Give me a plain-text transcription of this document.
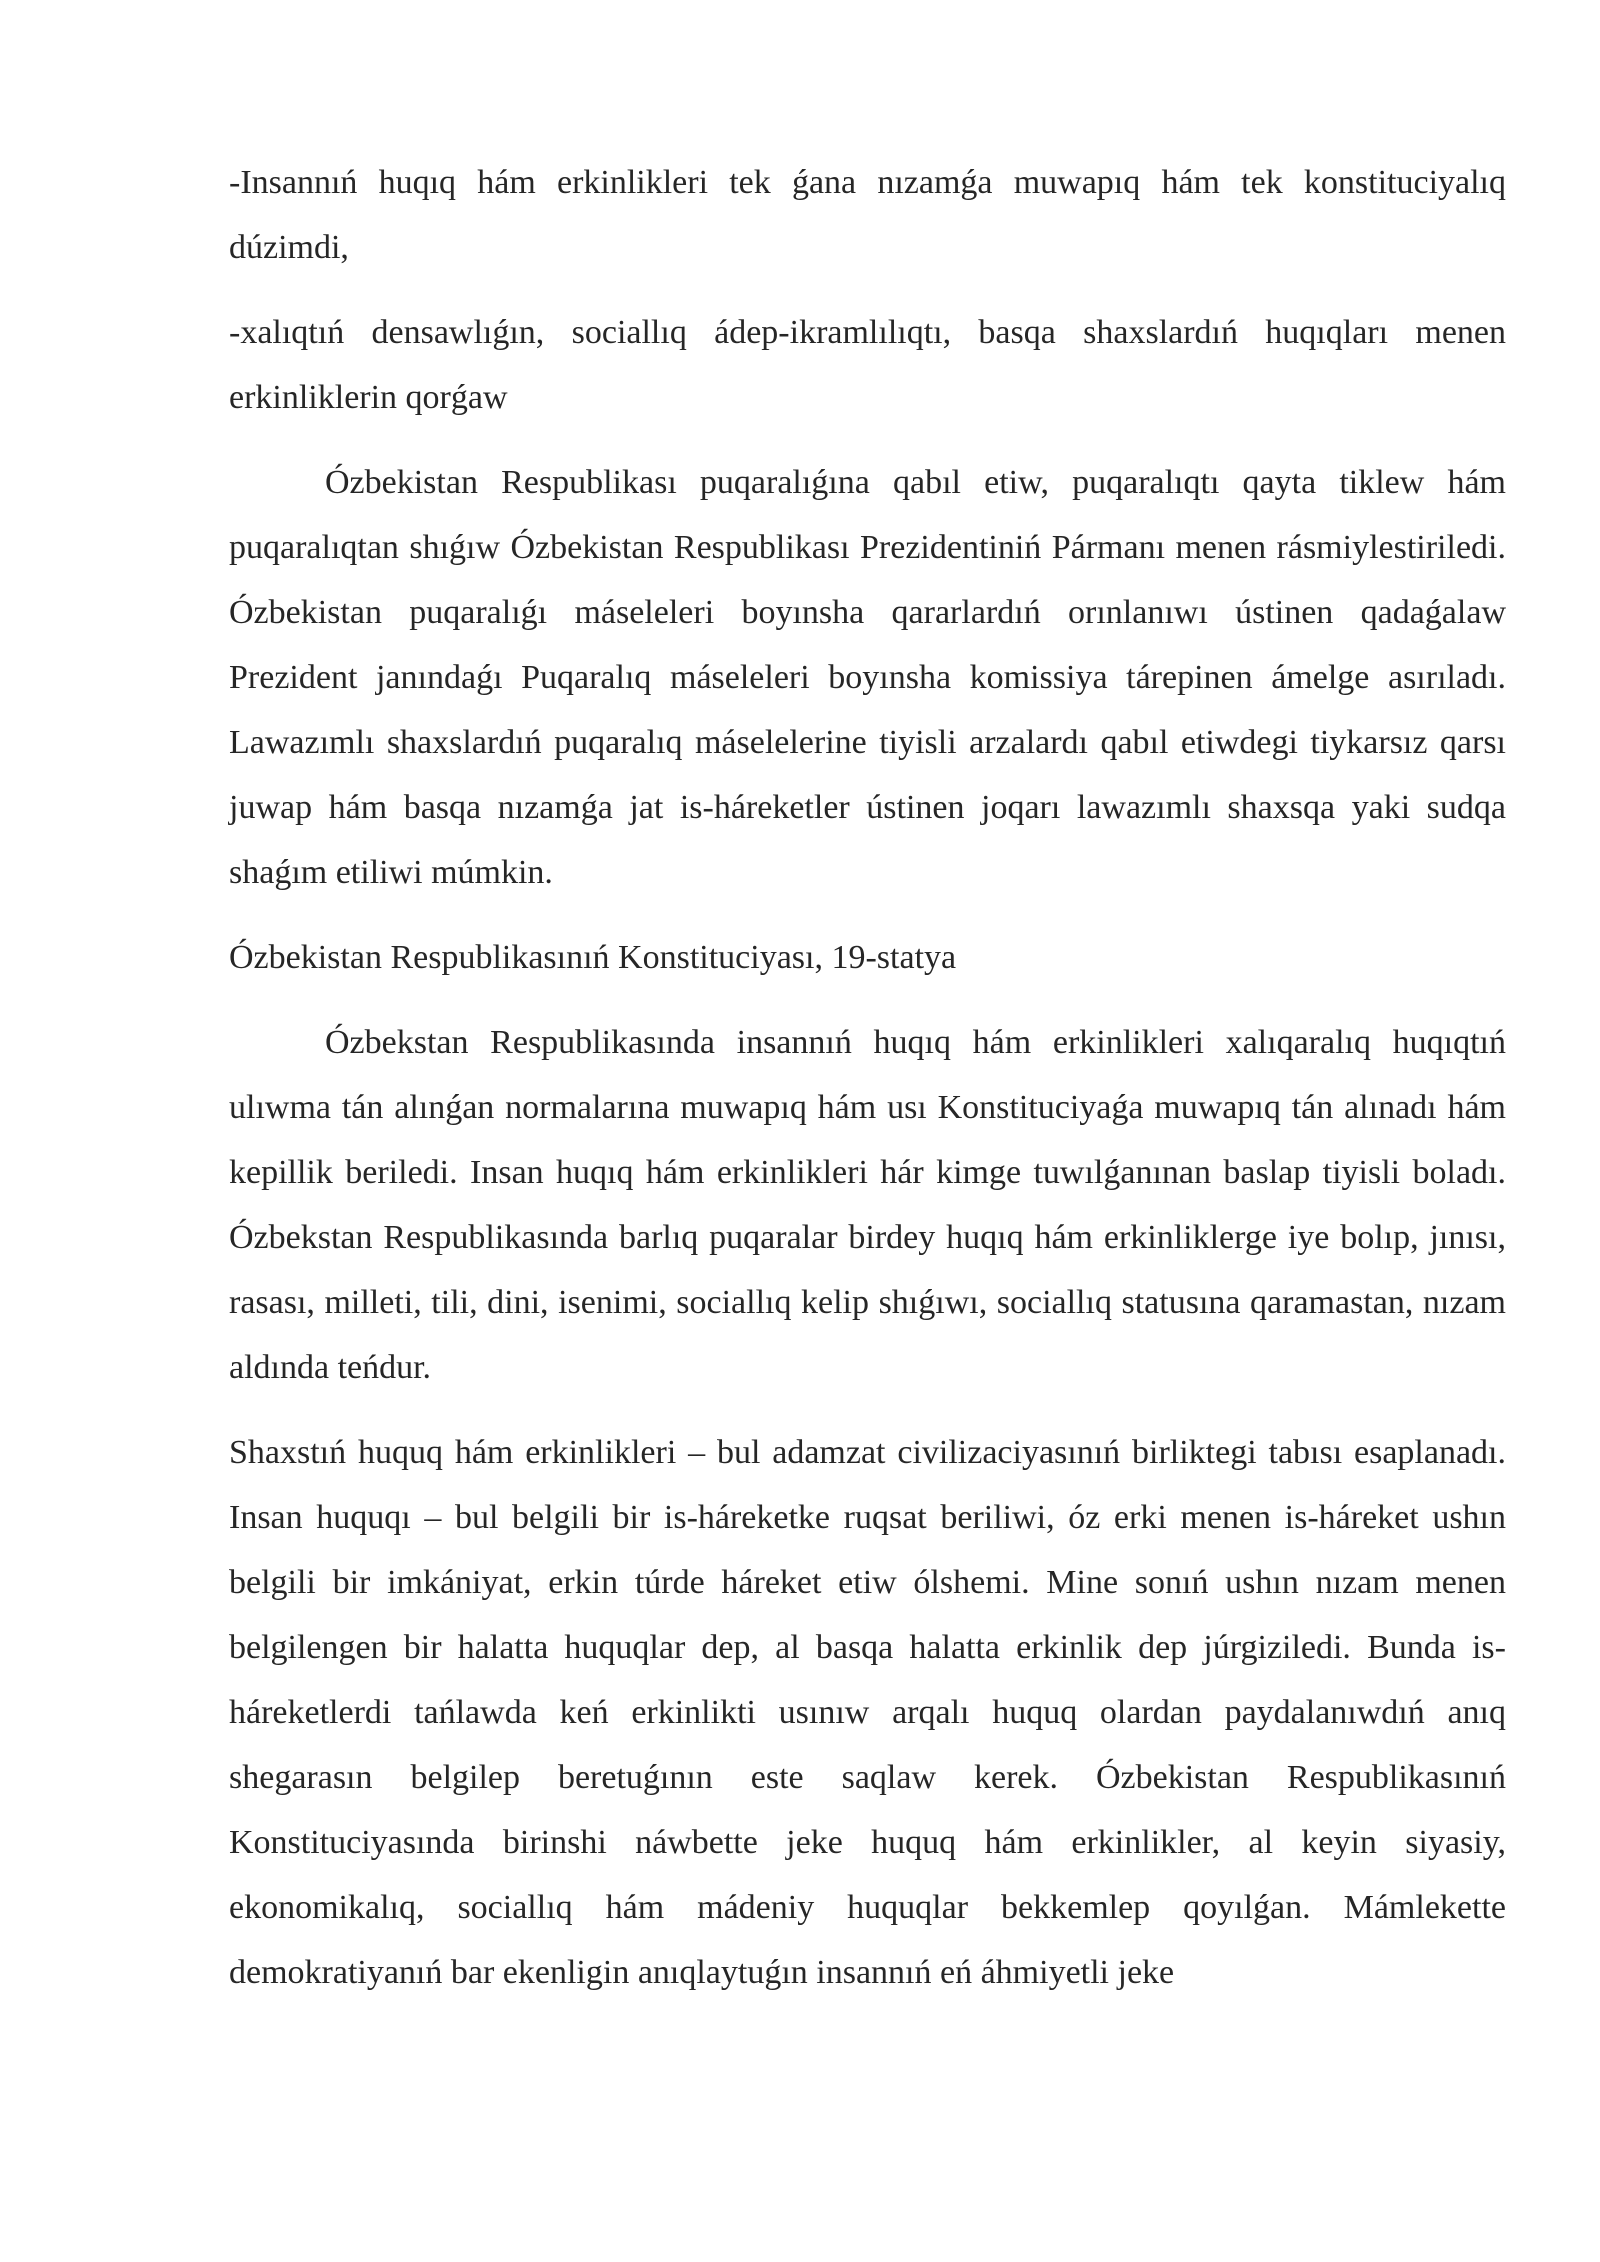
-Insannıń huqıq hám erkinlikleri tek ǵana nızamǵa muwapıq hám tek konstituciyalıq dúzimdi,

-xalıqtıń densawlıǵın, sociallıq ádep-ikramlılıqtı, basqa shaxslardıń huqıqları menen erkinliklerin qorǵaw

Ózbekistan Respublikası puqaralıǵına qabıl etiw, puqaralıqtı qayta tiklew hám puqaralıqtan shıǵıw Ózbekistan Respublikası Prezidentiniń Pármanı menen rásmiylestiriledi. Ózbekistan puqaralıǵı máseleleri boyınsha qararlardıń orınlanıwı ústinen qadaǵalaw Prezident janındaǵı Puqaralıq máseleleri boyınsha komissiya tárepinen ámelge asırıladı. Lawazımlı shaxslardıń puqaralıq máselelerine tiyisli arzalardı qabıl etiwdegi tiykarsız qarsı juwap hám basqa nızamǵa jat is-háreketler ústinen joqarı lawazımlı shaxsqa yaki sudqa shaǵım etiliwi múmkin.

Ózbekistan Respublikasınıń Konstituciyası, 19-statya

Ózbekstan Respublikasında insannıń huqıq hám erkinlikleri xalıqaralıq huqıqtıń ulıwma tán alınǵan normalarına muwapıq hám usı Konstituciyaǵa muwapıq tán alınadı hám kepillik beriledi. Insan huqıq hám erkinlikleri hár kimge tuwılǵanınan baslap tiyisli boladı. Ózbekstan Respublikasında barlıq puqaralar birdey huqıq hám erkinliklerge iye bolıp, jınısı, rasası, milleti, tili, dini, isenimi, sociallıq kelip shıǵıwı, sociallıq statusına qaramastan, nızam aldında teńdur.

Shaxstıń huquq hám erkinlikleri – bul adamzat civilizaciyasınıń birliktegi tabısı esaplanadı. Insan huquqı – bul belgili bir is-háreketke ruqsat beriliwi, óz erki menen is-háreket ushın belgili bir imkániyat, erkin túrde háreket etiw ólshemi. Mine sonıń ushın nızam menen belgilengen bir halatta huquqlar dep, al basqa halatta erkinlik dep júrgiziledi. Bunda is-háreketlerdi tańlawda keń erkinlikti usınıw arqalı huquq olardan paydalanıwdıń anıq shegarasın belgilep beretuǵının este saqlaw kerek. Ózbekistan Respublikasınıń Konstituciyasında birinshi náwbette jeke huquq hám erkinlikler, al keyin siyasiy, ekonomikalıq, sociallıq hám mádeniy huquqlar bekkemlep qoyılǵan. Mámlekette demokratiyanıń bar ekenligin anıqlaytuǵın insannıń eń áhmiyetli jeke
